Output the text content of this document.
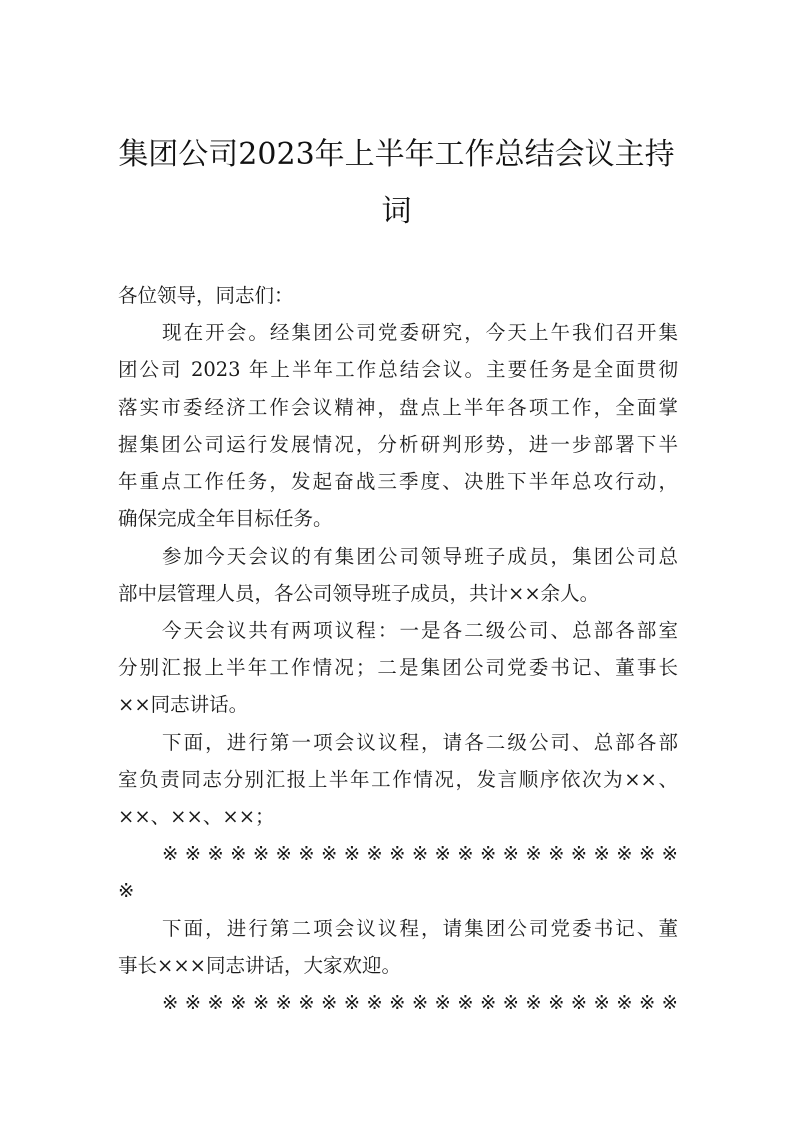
集团公司2023年上半年工作总结会议主持
词
各位领导，同志们：
现在开会。经集团公司党委研究，今天上午我们召开集
团公司 2023 年上半年工作总结会议。主要任务是全面贯彻
落实市委经济工作会议精神，盘点上半年各项工作，全面掌
握集团公司运行发展情况，分析研判形势，进一步部署下半
年重点工作任务，发起奋战三季度、决胜下半年总攻行动，
确保完成全年目标任务。
参加今天会议的有集团公司领导班子成员，集团公司总
部中层管理人员，各公司领导班子成员，共计××余人。
今天会议共有两项议程：一是各二级公司、总部各部室
分别汇报上半年工作情况；二是集团公司党委书记、董事长
××同志讲话。
下面，进行第一项会议议程，请各二级公司、总部各部
室负责同志分别汇报上半年工作情况，发言顺序依次为××、
××、××、××；
※※※※※※※※※※※※※※※※※※※※※※※
※
下面，进行第二项会议议程，请集团公司党委书记、董
事长×××同志讲话，大家欢迎。
※※※※※※※※※※※※※※※※※※※※※※※
